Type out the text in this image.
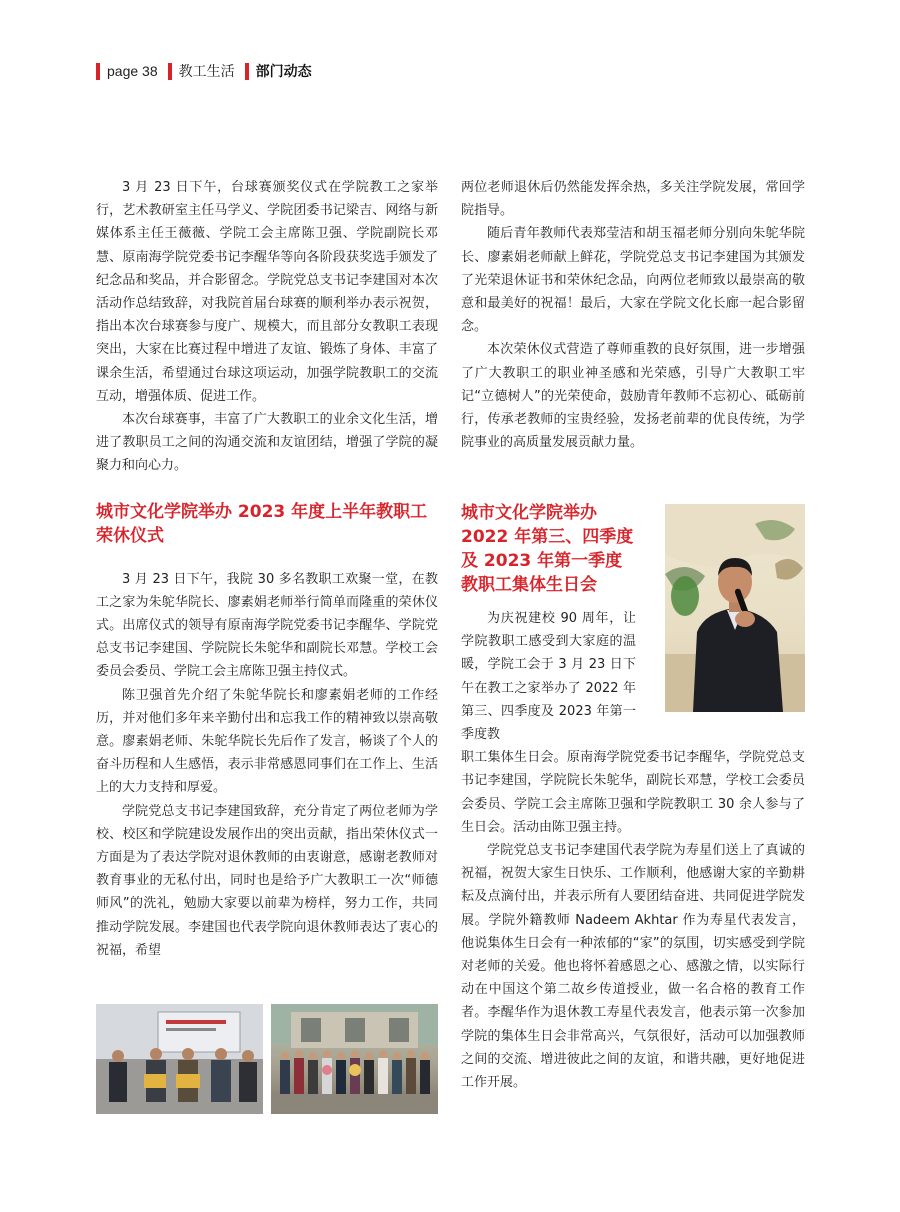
page 38 教工生活 部门动态

3 月 23 日下午，台球赛颁奖仪式在学院教工之家举行，艺术教研室主任马学义、学院团委书记梁吉、网络与新媒体系主任王薇薇、学院工会主席陈卫强、学院副院长邓慧、原南海学院党委书记李醒华等向各阶段获奖选手颁发了纪念品和奖品，并合影留念。学院党总支书记李建国对本次活动作总结致辞，对我院首届台球赛的顺利举办表示祝贺，指出本次台球赛参与度广、规模大，而且部分女教职工表现突出，大家在比赛过程中增进了友谊、锻炼了身体、丰富了课余生活，希望通过台球这项运动，加强学院教职工的交流互动，增强体质、促进工作。

本次台球赛事，丰富了广大教职工的业余文化生活，增进了教职员工之间的沟通交流和友谊团结，增强了学院的凝聚力和向心力。

城市文化学院举办 2023 年度上半年教职工荣休仪式

3 月 23 日下午，我院 30 多名教职工欢聚一堂，在教工之家为朱鸵华院长、廖素娟老师举行简单而隆重的荣休仪式。出席仪式的领导有原南海学院党委书记李醒华、学院党总支书记李建国、学院院长朱鸵华和副院长邓慧。学校工会委员会委员、学院工会主席陈卫强主持仪式。

陈卫强首先介绍了朱鸵华院长和廖素娟老师的工作经历，并对他们多年来辛勤付出和忘我工作的精神致以崇高敬意。廖素娟老师、朱鸵华院长先后作了发言，畅谈了个人的奋斗历程和人生感悟，表示非常感恩同事们在工作上、生活上的大力支持和厚爱。

学院党总支书记李建国致辞，充分肯定了两位老师为学校、校区和学院建设发展作出的突出贡献，指出荣休仪式一方面是为了表达学院对退休教师的由衷谢意，感谢老教师对教育事业的无私付出，同时也是给予广大教职工一次“师德师风”的洗礼，勉励大家要以前辈为榜样，努力工作，共同推动学院发展。李建国也代表学院向退休教师表达了衷心的祝福，希望

两位老师退休后仍然能发挥余热，多关注学院发展，常回学院指导。

随后青年教师代表郑莹洁和胡玉福老师分别向朱鸵华院长、廖素娟老师献上鲜花，学院党总支书记李建国为其颁发了光荣退休证书和荣休纪念品，向两位老师致以最崇高的敬意和最美好的祝福！最后，大家在学院文化长廊一起合影留念。

本次荣休仪式营造了尊师重教的良好氛围，进一步增强了广大教职工的职业神圣感和光荣感，引导广大教职工牢记“立德树人”的光荣使命，鼓励青年教师不忘初心、砥砺前行，传承老教师的宝贵经验，发扬老前辈的优良传统，为学院事业的高质量发展贡献力量。

城市文化学院举办 2022 年第三、四季度及 2023 年第一季度教职工集体生日会

为庆祝建校 90 周年，让学院教职工感受到大家庭的温暖，学院工会于 3 月 23 日下午在教工之家举办了 2022 年第三、四季度及 2023 年第一季度教

职工集体生日会。原南海学院党委书记李醒华，学院党总支书记李建国，学院院长朱鸵华，副院长邓慧，学校工会委员会委员、学院工会主席陈卫强和学院教职工 30 余人参与了生日会。活动由陈卫强主持。

学院党总支书记李建国代表学院为寿星们送上了真诚的祝福，祝贺大家生日快乐、工作顺利，他感谢大家的辛勤耕耘及点滴付出，并表示所有人要团结奋进、共同促进学院发展。学院外籍教师 Nadeem Akhtar 作为寿星代表发言，他说集体生日会有一种浓郁的“家”的氛围，切实感受到学院对老师的关爱。他也将怀着感恩之心、感激之情，以实际行动在中国这个第二故乡传道授业，做一名合格的教育工作者。李醒华作为退休教工寿星代表发言，他表示第一次参加学院的集体生日会非常高兴，气氛很好，活动可以加强教师之间的交流、增进彼此之间的友谊，和谐共融，更好地促进工作开展。
